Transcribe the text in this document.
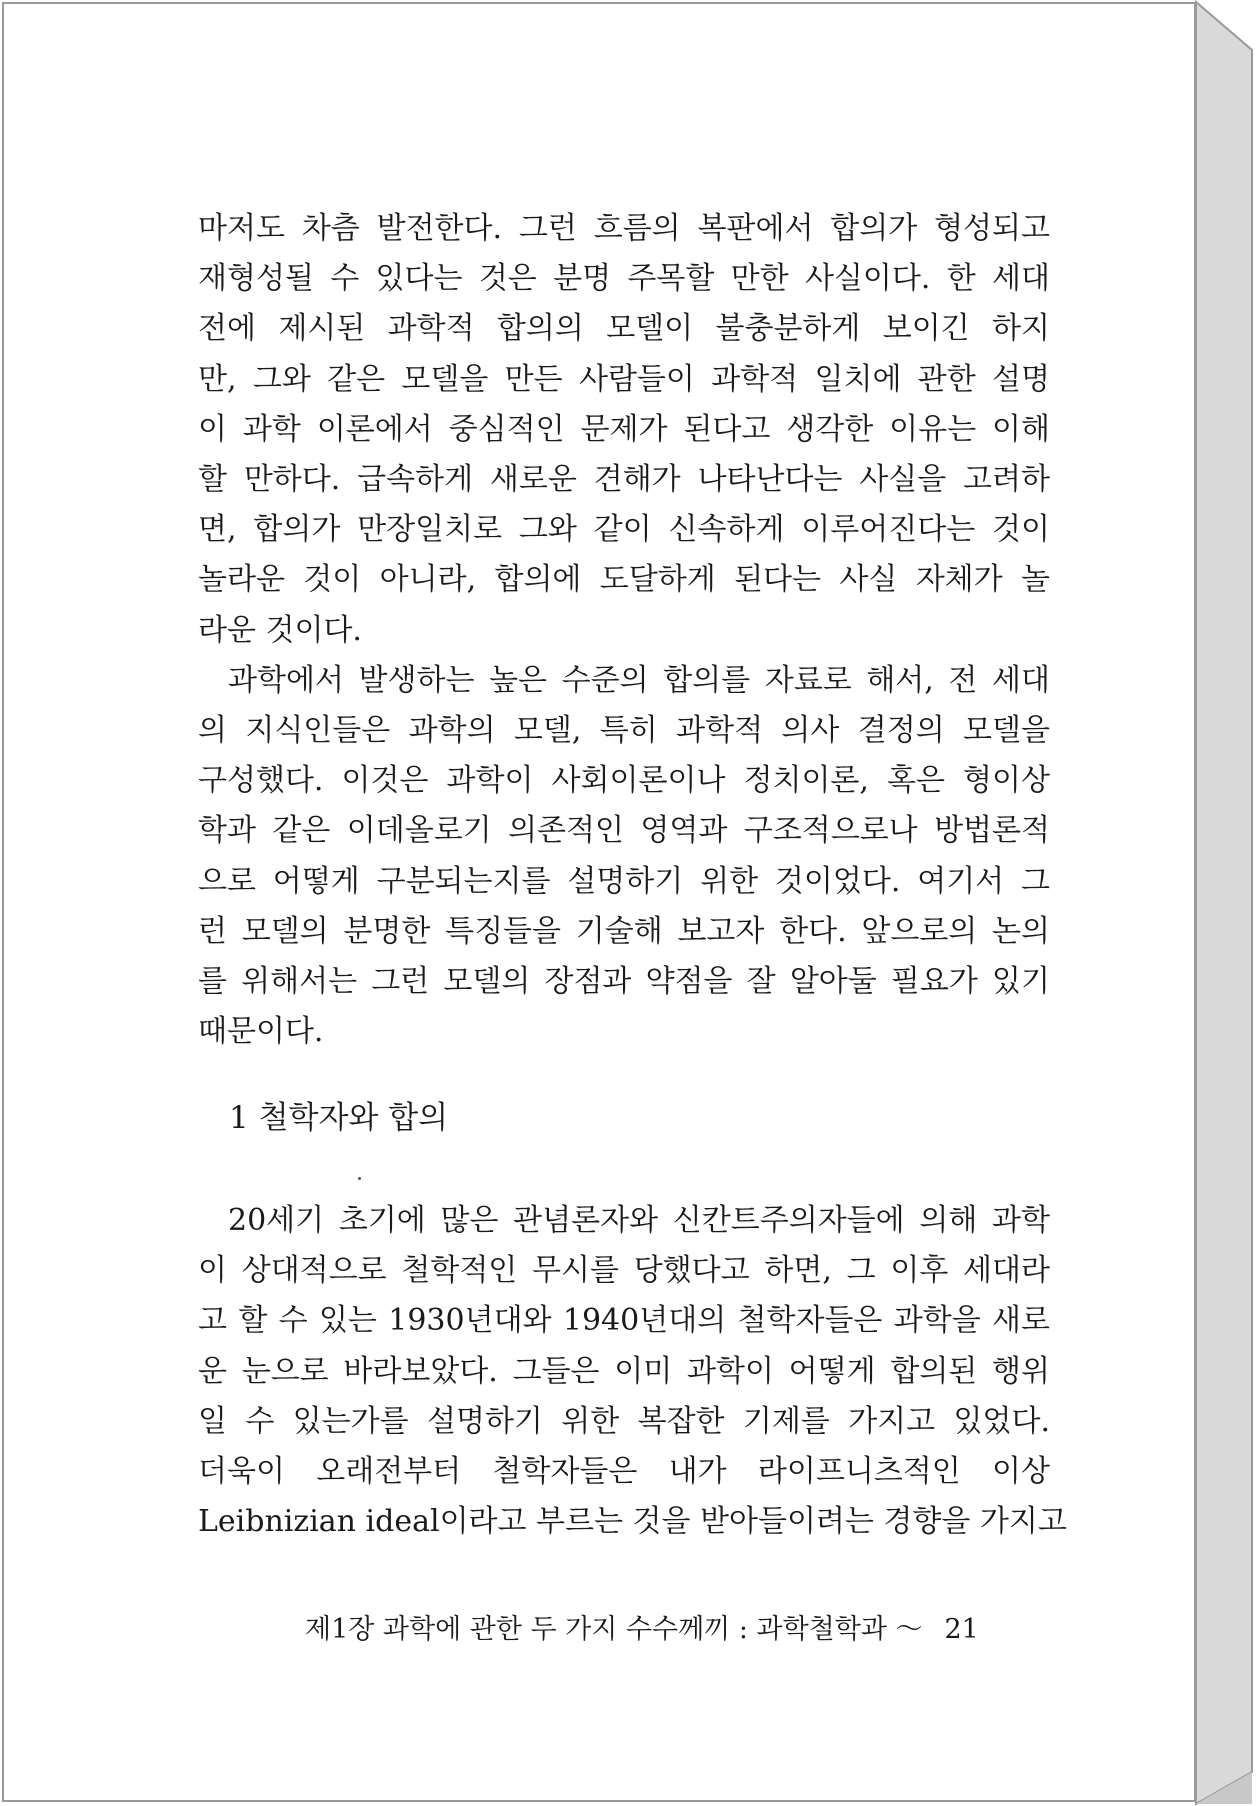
마저도 차츰 발전한다. 그런 흐름의 복판에서 합의가 형성되고
재형성될 수 있다는 것은 분명 주목할 만한 사실이다. 한 세대
전에 제시된 과학적 합의의 모델이 불충분하게 보이긴 하지
만, 그와 같은 모델을 만든 사람들이 과학적 일치에 관한 설명
이 과학 이론에서 중심적인 문제가 된다고 생각한 이유는 이해
할 만하다. 급속하게 새로운 견해가 나타난다는 사실을 고려하
면, 합의가 만장일치로 그와 같이 신속하게 이루어진다는 것이
놀라운 것이 아니라, 합의에 도달하게 된다는 사실 자체가 놀
라운 것이다.

과학에서 발생하는 높은 수준의 합의를 자료로 해서, 전 세대
의 지식인들은 과학의 모델, 특히 과학적 의사 결정의 모델을
구성했다. 이것은 과학이 사회이론이나 정치이론, 혹은 형이상
학과 같은 이데올로기 의존적인 영역과 구조적으로나 방법론적
으로 어떻게 구분되는지를 설명하기 위한 것이었다. 여기서 그
런 모델의 분명한 특징들을 기술해 보고자 한다. 앞으로의 논의
를 위해서는 그런 모델의 장점과 약점을 잘 알아둘 필요가 있기
때문이다.

1 철학자와 합의

20세기 초기에 많은 관념론자와 신칸트주의자들에 의해 과학
이 상대적으로 철학적인 무시를 당했다고 하면, 그 이후 세대라
고 할 수 있는 1930년대와 1940년대의 철학자들은 과학을 새로
운 눈으로 바라보았다. 그들은 이미 과학이 어떻게 합의된 행위
일 수 있는가를 설명하기 위한 복잡한 기제를 가지고 있었다.
더욱이 오래전부터 철학자들은 내가 라이프니츠적인 이상
Leibnizian ideal이라고 부르는 것을 받아들이려는 경향을 가지고

제1장 과학에 관한 두 가지 수수께끼 : 과학철학과 ～ 21
